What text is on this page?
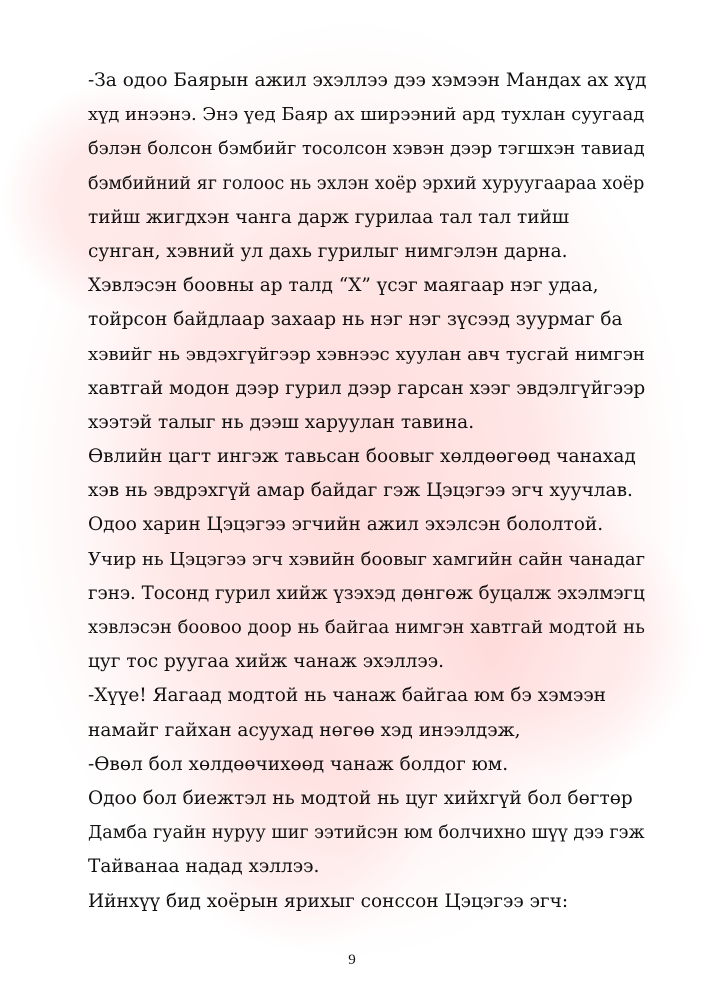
-За одоо Баярын ажил эхэллээ дээ хэмээн Мандах ах хүд
хүд инээнэ. Энэ үед Баяр ах ширээний ард тухлан суугаад
бэлэн болсон бэмбийг тосолсон хэвэн дээр тэгшхэн тавиад
бэмбийний яг голоос нь эхлэн хоёр эрхий хуруугаараа хоёр
тийш жигдхэн чанга дарж гурилаа тал тал тийш
сунган, хэвний ул дахь гурилыг нимгэлэн дарна.
Хэвлэсэн боовны ар талд “Х” үсэг маягаар нэг удаа,
тойрсон байдлаар захаар нь нэг нэг зүсээд зуурмаг ба
хэвийг нь эвдэхгүйгээр хэвнээс хуулан авч тусгай нимгэн
хавтгай модон дээр гурил дээр гарсан хээг эвдэлгүйгээр
хээтэй талыг нь дээш харуулан тавина.
Өвлийн цагт ингэж тавьсан боовыг хөлдөөгөөд чанахад
хэв нь эвдрэхгүй амар байдаг гэж Цэцэгээ эгч хуучлав.
Одоо харин Цэцэгээ эгчийн ажил эхэлсэн бололтой.
Учир нь Цэцэгээ эгч хэвийн боовыг хамгийн сайн чанадаг
гэнэ. Тосонд гурил хийж үзэхэд дөнгөж буцалж эхэлмэгц
хэвлэсэн боовоо доор нь байгаа нимгэн хавтгай модтой нь
цуг тос руугаа хийж чанаж эхэллээ.
-Хүүе! Яагаад модтой нь чанаж байгаа юм бэ хэмээн
намайг гайхан асуухад нөгөө хэд инээлдэж,
-Өвөл бол хөлдөөчихөөд чанаж болдог юм.
Одоо бол биежтэл нь модтой нь цуг хийхгүй бол бөгтөр
Дамба гуайн нуруу шиг ээтийсэн юм болчихно шүү дээ гэж
Тайванаа надад хэллээ.
Ийнхүү бид хоёрын ярихыг сонссон Цэцэгээ эгч:
9
